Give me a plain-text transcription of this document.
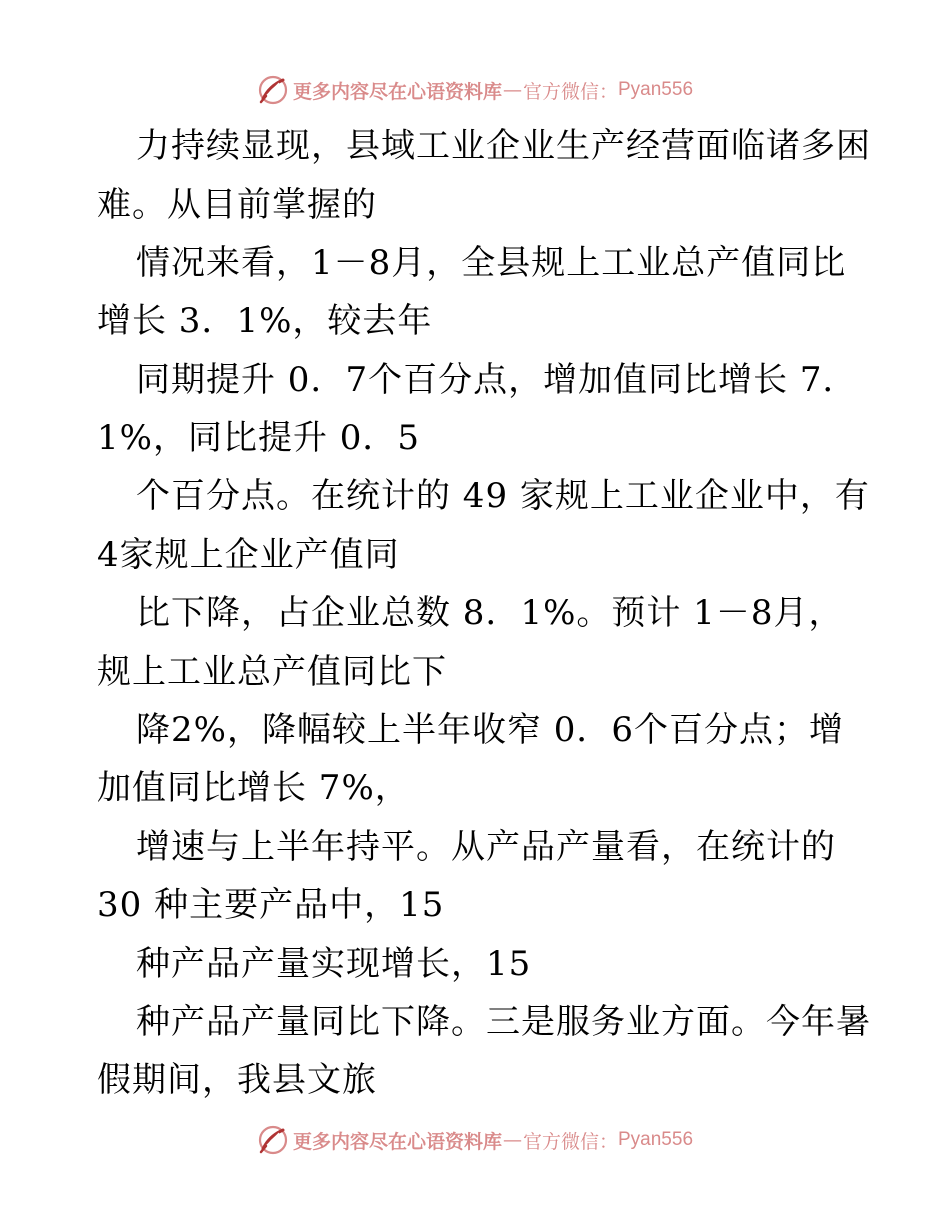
更多内容尽在心语资料库 — 官方微信： Pyan556
力持续显现，县域工业企业生产经营面临诸多困
难。从目前掌握的
情况来看，1－8月，全县规上工业总产值同比
增长 3．1%，较去年
同期提升 0．7个百分点，增加值同比增长 7．
1%，同比提升 0．5
个百分点。在统计的 49 家规上工业企业中，有
4家规上企业产值同
比下降，占企业总数 8．1%。预计 1－8月，
规上工业总产值同比下
降2%，降幅较上半年收窄 0．6个百分点；增
加值同比增长 7%，
增速与上半年持平。从产品产量看，在统计的
30 种主要产品中，15
种产品产量实现增长，15
种产品产量同比下降。三是服务业方面。今年暑
假期间，我县文旅
更多内容尽在心语资料库 — 官方微信： Pyan556
